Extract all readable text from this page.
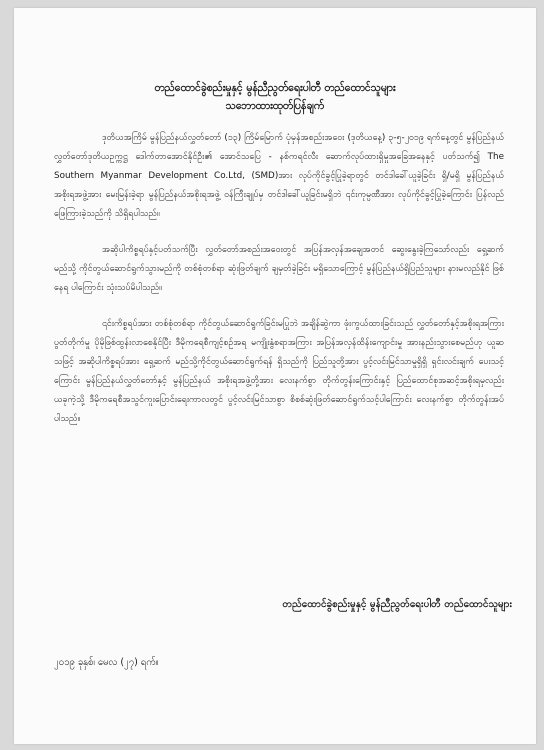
တည်ထောင်ခွဲစည်းမှုနှင့် မွန်ညီညွတ်ရေးပါတီ တည်ထောင်သူများ
သဘောထားထုတ်ပြန်ချက်

ဒုတိယအကြိမ် မွန်ပြည်နယ်လွှတ်တော် (၁၃) ကြိမ်မြောက် ပုံမှန်အစည်းအဝေး (ဒုတိယနေ့) ၃-၅-၂၀၁၉ ရက်နေ့တွင် မွန်ပြည်နယ်လွှတ်တော်ဒုတိယဥက္ကဋ္ဌ ဒေါက်တာအောင်နိုင်ဦး၏ အောင်သပြေ - နစ်ကရင်လီး ဆောက်လုပ်ထားရှိမှုအခြေအနေနှင့် ပတ်သက်၍ The Southern Myanmar Development Co.Ltd, (SMD)အား လုပ်ကိုင်ခွင့်ပြုခဲ့ရာတွင် တင်ဒါခေါ်ယူခဲ့ခြင်း ရှိ/မရှိ မွန်ပြည်နယ် အစိုးရအဖွဲ့အား မေးမြန်းခဲ့ရာ မွန်ပြည်နယ်အစိုးရအဖွဲ့ ဝန်ကြီးချုပ်မှ တင်ဒါခေါ်ယူခြင်းမရှိဘဲ ၎င်းကုမ္ပဏီအား လုပ်ကိုင်ခွင့်ပြုခဲ့ကြောင်း ပြန်လည် ဖြေကြားခဲ့သည်ကို သိရှိရပါသည်။

အဆိုပါကိစ္စရပ်နှင့်ပတ်သက်ပြီး လွှတ်တော်အစည်းအဝေးတွင် အပြန်အလှန်အချေအတင် ဆွေးနွေးခဲ့ကြသော်လည်း ရှေ့ဆက်မည်သို့ ကိုင်တွယ်ဆောင်ရွက်သွားမည်ကို တစ်စုံတစ်ရာ ဆုံးဖြတ်ချက် ချမှတ်ခဲ့ခြင်း မရှိသောကြောင့် မွန်ပြည်နယ်ရှိပြည်သူများ နားမလည်နိုင် ဖြစ်နေရ ပါကြောင်း သုံးသပ်မိပါသည်။

၎င်းကိစ္စရပ်အား တစ်စုံတစ်ရာ ကိုင်တွယ်ဆောင်ရွက်ခြင်းမပြုဘဲ အချိန်ဆွဲကာ ဖုံးကွယ်ထားခြင်းသည် လွှတ်တော်နှင့်အစိုးရအကြား ပွတ်တိုက်မှု ပိုမိုဖြစ်ထွန်းလာစေနိုင်ပြီး ဒီမိုကရေစီကျင့်စဉ်အရ မကျိုးနွံစရာအကြား အပြန်အလှန်ထိန်းကျောင်းမှု အားနည်းသွားစေမည်ဟု ယူဆသဖြင့် အဆိုပါကိစ္စရပ်အား ရှေ့ဆက် မည်သို့ကိုင်တွယ်ဆောင်ရွက်ရန် ရှိသည်ကို ပြည်သူတို့အား ပွင့်လင်းမြင်သာမှုရှိရှိ ရှင်းလင်းချက် ပေးသင့်ကြောင်း မွန်ပြည်နယ်လွှတ်တော်နှင့် မွန်ပြည်နယ် အစိုးရအဖွဲ့တို့အား လေးနက်စွာ တိုက်တွန်းကြောင်းနှင့် ပြည်ထောင်စုအဆင့်အစိုးရမှလည်း ယခုကဲ့သို့ ဒီမိုကရေစီအသွင်ကူးပြောင်းရေးကာလတွင် ပွင့်လင်းမြင်သာစွာ စိစစ်ဆုံးဖြတ်ဆောင်ရွက်သင့်ပါကြောင်း လေးနက်စွာ တိုက်တွန်းအပ်ပါသည်။

တည်ထောင်ခွဲစည်းမှုနှင့် မွန်ညီညွတ်ရေးပါတီ တည်ထောင်သူများ
၂၀၁၉ ခုနှစ်၊ မေလ (၂၇) ရက်။
